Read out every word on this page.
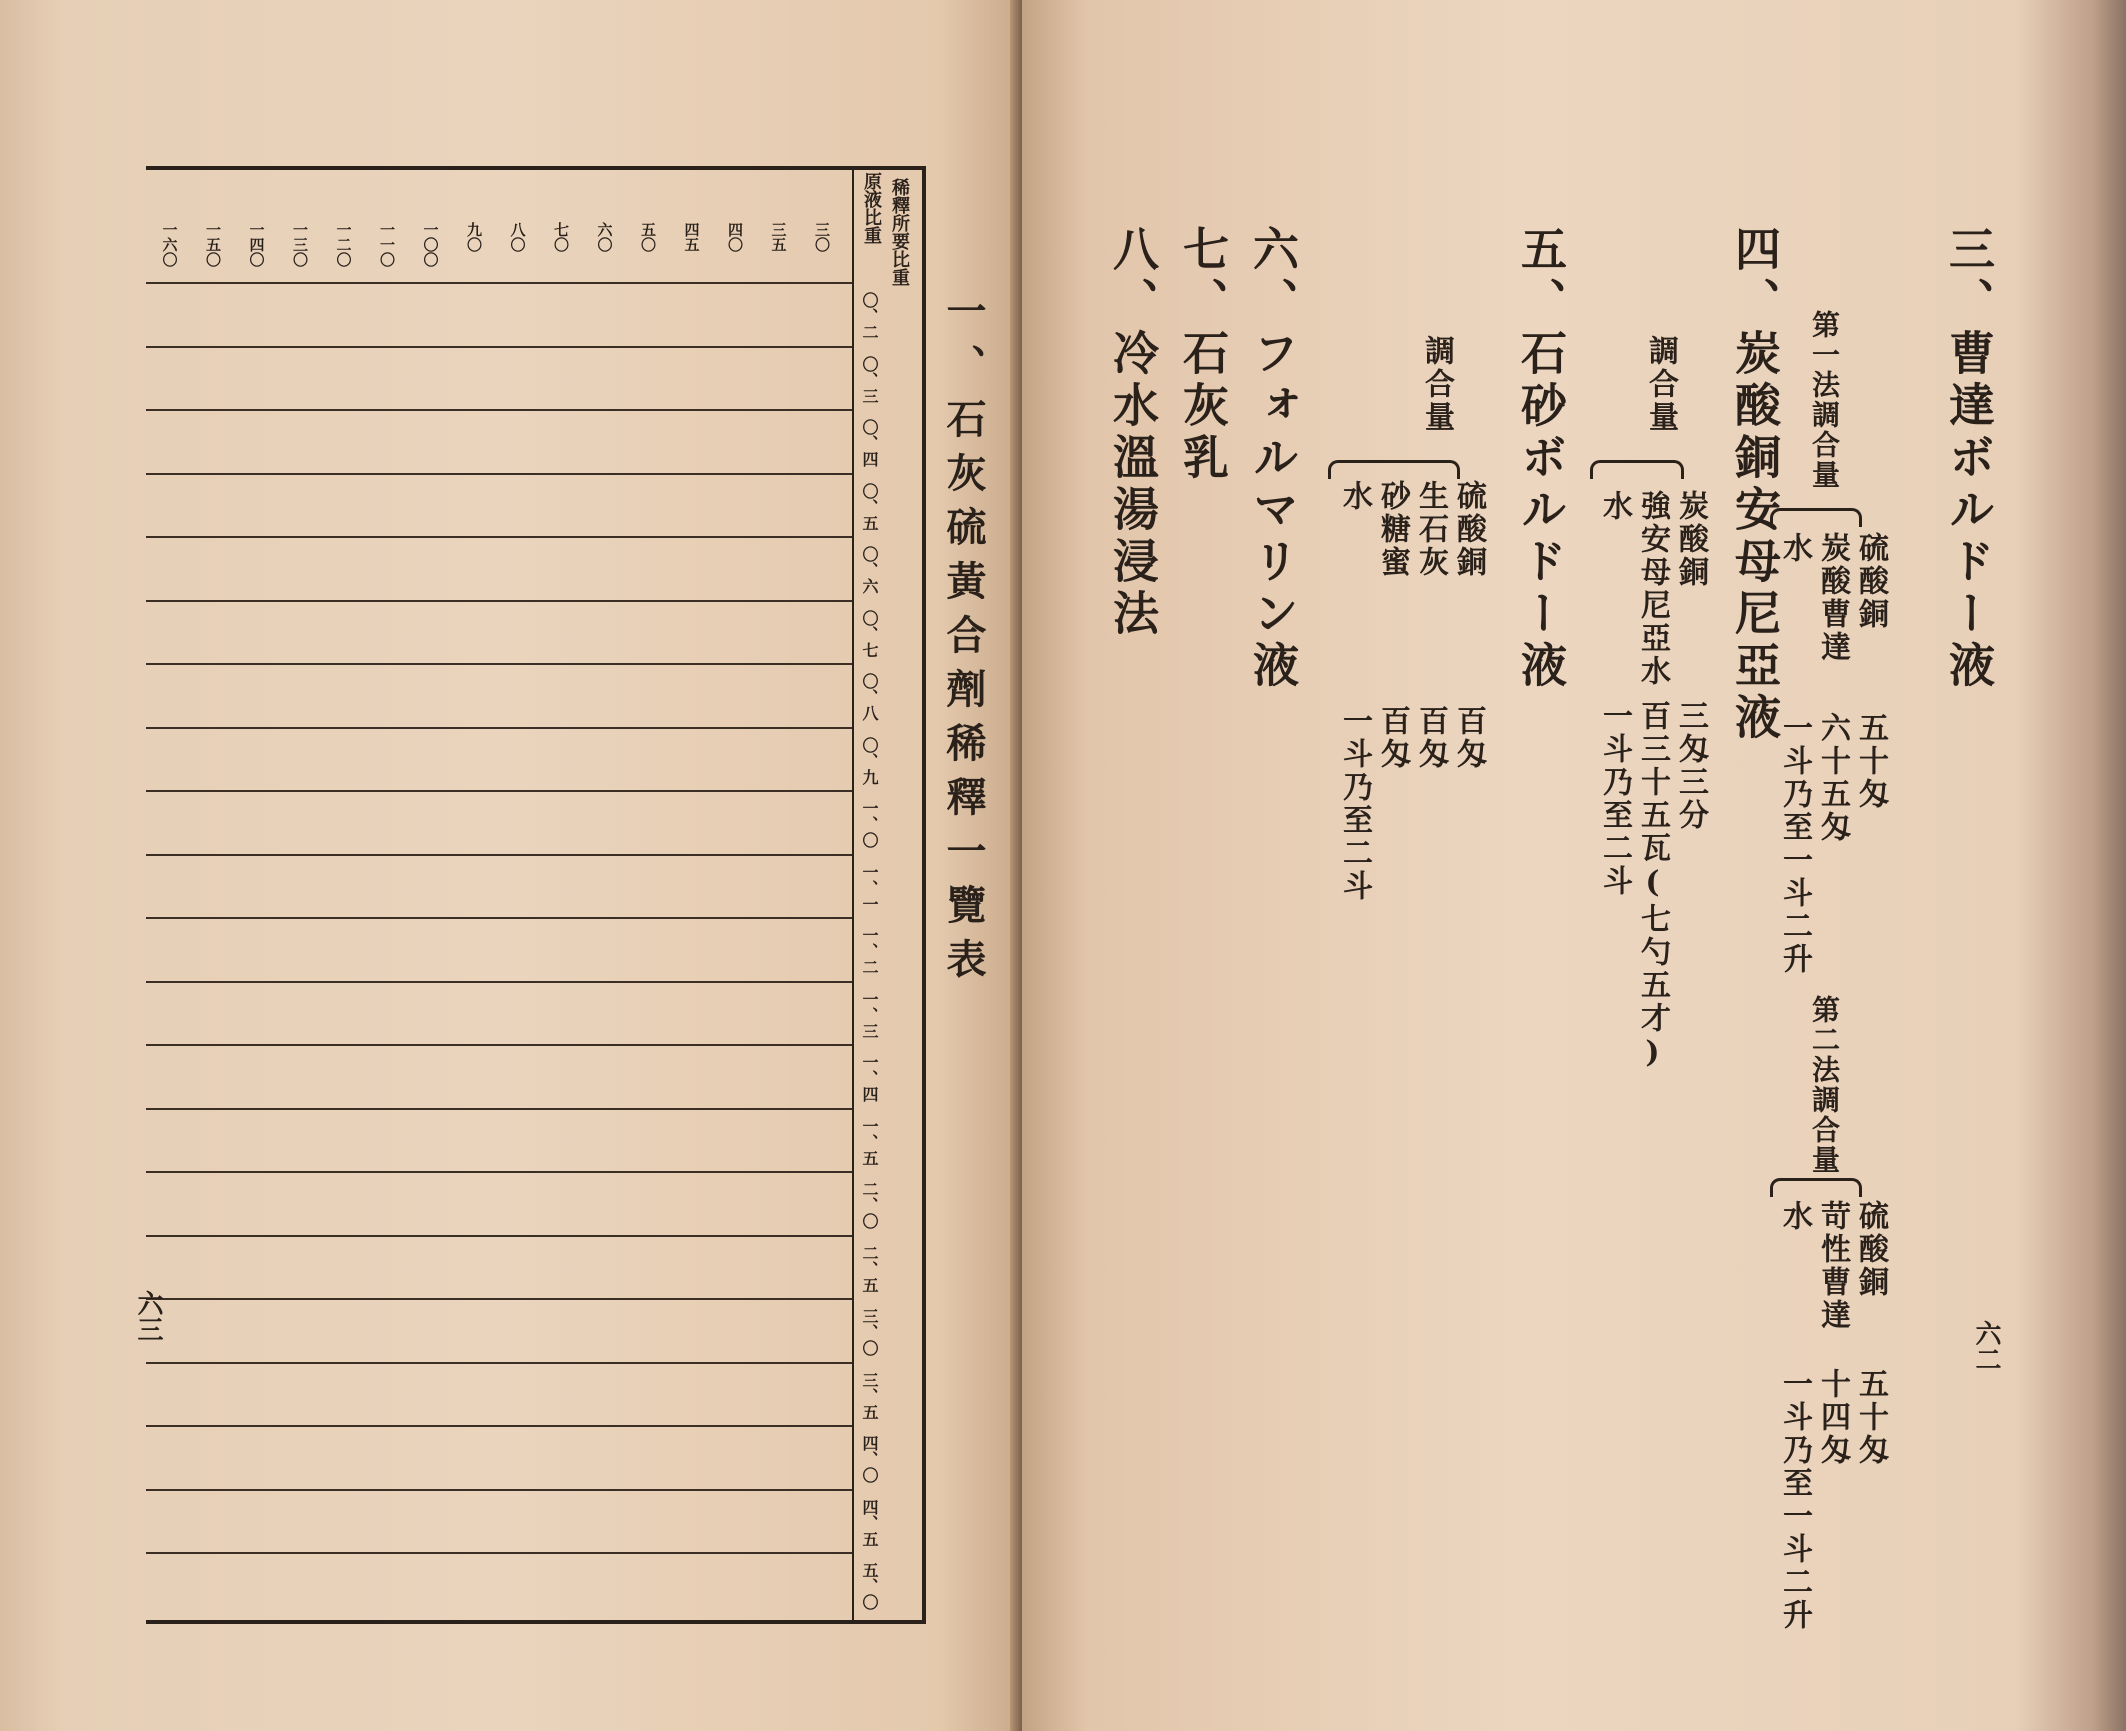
一、石灰硫黃合劑稀釋一覽表
稀釋所要比重
原液比重
〇、二
〇、三
〇、四
〇、五
〇、六
〇、七
〇、八
〇、九
一、〇
一、一
一、二
一、三
一、四
一、五
二、〇
二、五
三、〇
三、五
四、〇
四、五
五、〇
三〇
三五
四〇
四五
五〇
六〇
七〇
八〇
九〇
一〇〇
一一〇
一二〇
一三〇
一四〇
一五〇
一六〇
六三
三、曹達ボルドー液
第一法調合量
硫酸銅
炭酸曹達
水
五十匁
六十五匁
一斗乃至一斗二升
第二法調合量
硫酸銅
苛性曹達
水
五十匁
十四匁
一斗乃至一斗二升
四、炭酸銅安母尼亞液
調合量
炭酸銅
強安母尼亞水
水
三匁三分
百三十五瓦(七勺五才)
一斗乃至二斗
五、石砂ボルドー液
調合量
硫酸銅
生石灰
砂糖蜜
水
百匁
百匁
百匁
一斗乃至二斗
六、フォルマリン液
七、石灰乳
八、冷水溫湯浸法
六二
